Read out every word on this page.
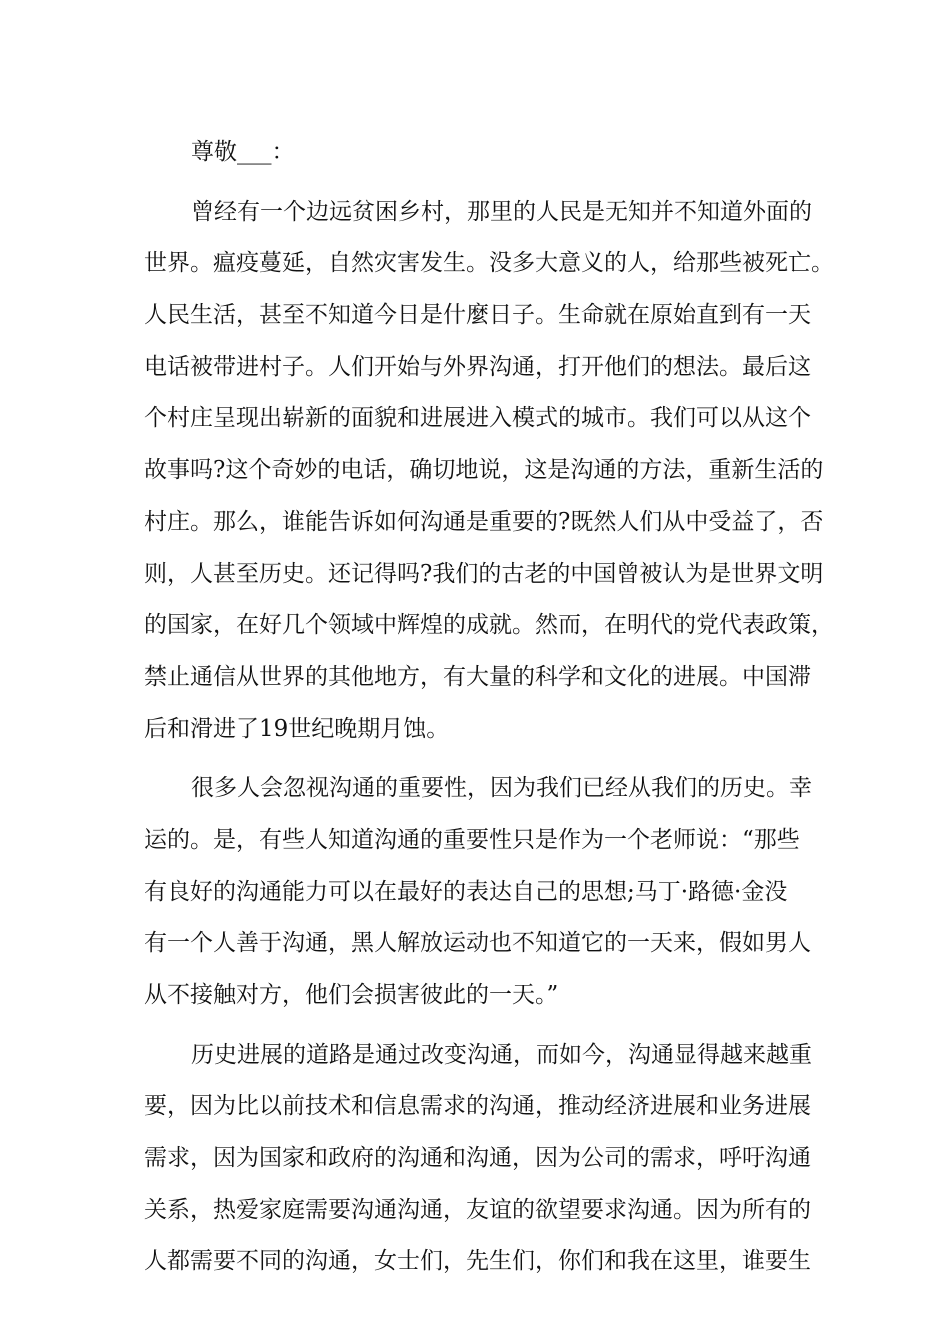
尊敬___：
曾经有一个边远贫困乡村，那里的人民是无知并不知道外面的
世界。瘟疫蔓延，自然灾害发生。没多大意义的人，给那些被死亡。
人民生活，甚至不知道今日是什麼日子。生命就在原始直到有一天
电话被带进村子。人们开始与外界沟通，打开他们的想法。最后这
个村庄呈现出崭新的面貌和进展进入模式的城市。我们可以从这个
故事吗?这个奇妙的电话，确切地说，这是沟通的方法，重新生活的
村庄。那么，谁能告诉如何沟通是重要的?既然人们从中受益了，否
则，人甚至历史。还记得吗?我们的古老的中国曾被认为是世界文明
的国家，在好几个领域中辉煌的成就。然而，在明代的党代表政策，
禁止通信从世界的其他地方，有大量的科学和文化的进展。中国滞
后和滑进了19世纪晚期月蚀。
很多人会忽视沟通的重要性，因为我们已经从我们的历史。幸
运的。是，有些人知道沟通的重要性只是作为一个老师说：“那些
有良好的沟通能力可以在最好的表达自己的思想;马丁·路德·金没
有一个人善于沟通，黑人解放运动也不知道它的一天来，假如男人
从不接触对方，他们会损害彼此的一天。”
历史进展的道路是通过改变沟通，而如今，沟通显得越来越重
要，因为比以前技术和信息需求的沟通，推动经济进展和业务进展
需求，因为国家和政府的沟通和沟通，因为公司的需求，呼吁沟通
关系，热爱家庭需要沟通沟通，友谊的欲望要求沟通。因为所有的
人都需要不同的沟通，女士们，先生们，你们和我在这里，谁要生
